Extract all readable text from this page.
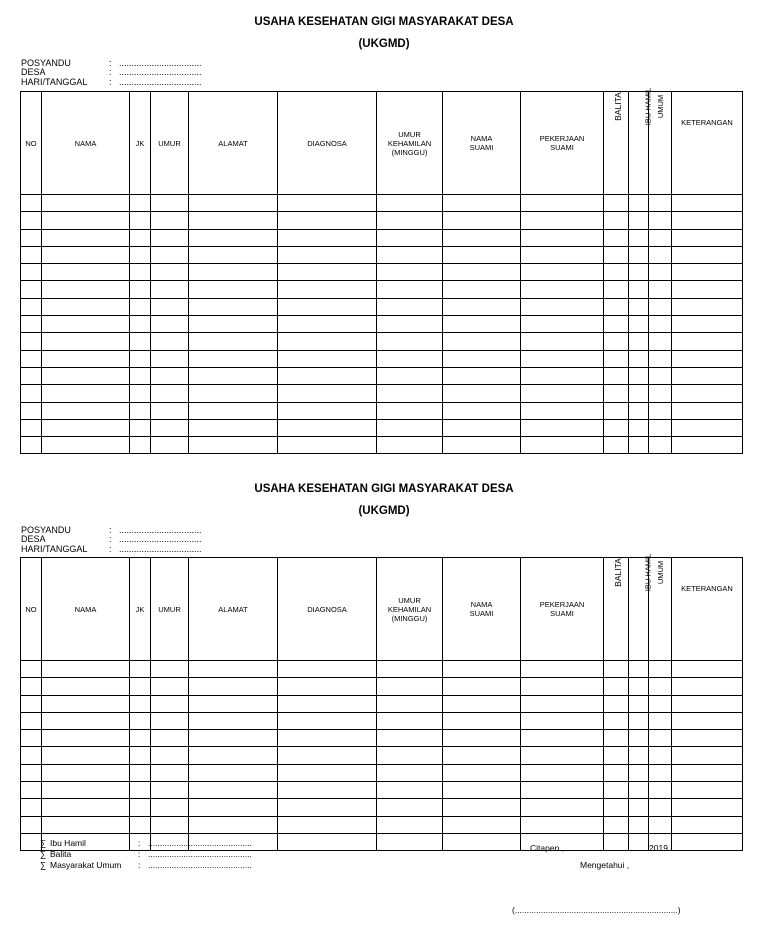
USAHA KESEHATAN GIGI MASYARAKAT DESA
(UKGMD)
POSYANDU	: .................................
DESA	: .................................
HARI/TANGGAL	: .................................
NO	NAMA	JK	UMUR	ALAMAT	DIAGNOSA	UMUR KEHAMILAN (MINGGU)	NAMA SUAMI	PEKERJAAN SUAMI	BALITA	IBU HAMIL	UMUM	KETERANGAN

USAHA KESEHATAN GIGI MASYARAKAT DESA
(UKGMD)
POSYANDU	: .................................
DESA	: .................................
HARI/TANGGAL	: .................................
NO	NAMA	JK	UMUR	ALAMAT	DIAGNOSA	UMUR KEHAMILAN (MINGGU)	NAMA SUAMI	PEKERJAAN SUAMI	BALITA	IBU HAMIL	UMUM	KETERANGAN

∑ Ibu Hamil	: ............................................
∑ Balita	: ............................................
∑ Masyarakat Umum	: ............................................
Citapen , .................................. 2019
Mengetahui ,
(.....................................................................)
